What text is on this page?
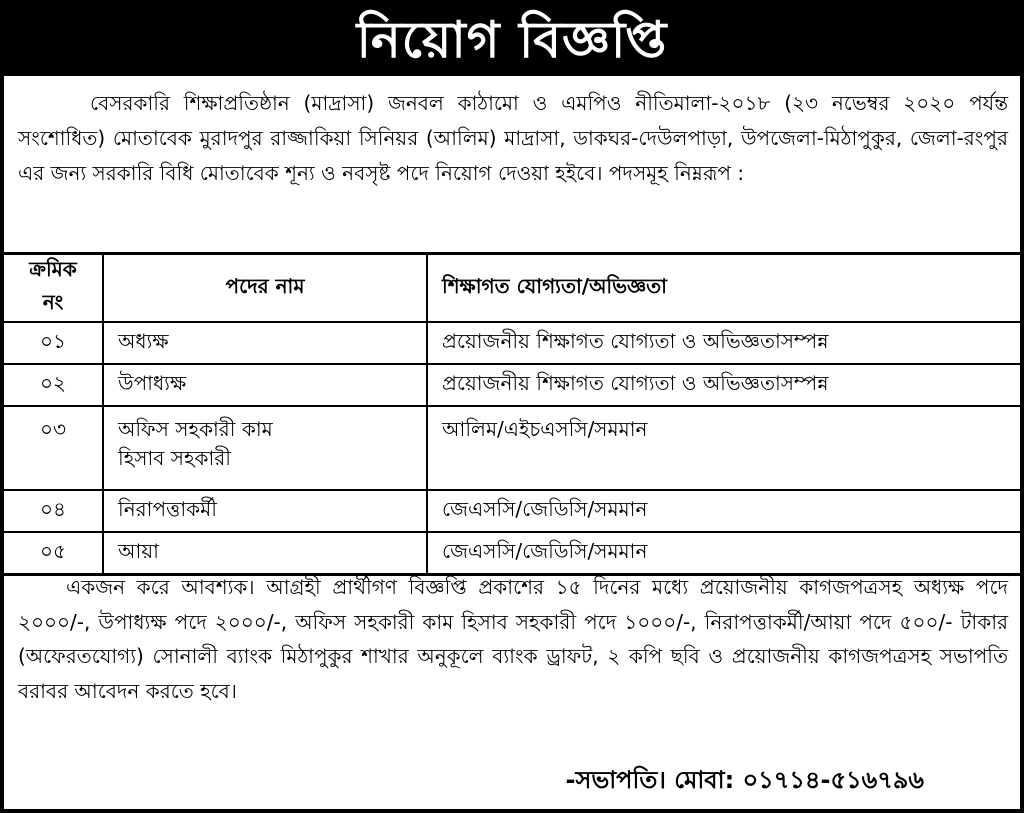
নিয়োগ বিজ্ঞপ্তি

বেসরকারি শিক্ষাপ্রতিষ্ঠান (মাদ্রাসা) জনবল কাঠামো ও এমপিও নীতিমালা-২০১৮ (২৩ নভেম্বর ২০২০ পর্যন্ত সংশোধিত) মোতাবেক মুরাদপুর রাজ্জাকিয়া সিনিয়র (আলিম) মাদ্রাসা, ডাকঘর-দেউলপাড়া, উপজেলা-মিঠাপুকুর, জেলা-রংপুর এর জন্য সরকারি বিধি মোতাবেক শূন্য ও নবসৃষ্ট পদে নিয়োগ দেওয়া হইবে। পদসমূহ নিম্নরূপ :

ক্রমিক নং	পদের নাম	শিক্ষাগত যোগ্যতা/অভিজ্ঞতা
০১	অধ্যক্ষ	প্রয়োজনীয় শিক্ষাগত যোগ্যতা ও অভিজ্ঞতাসম্পন্ন
০২	উপাধ্যক্ষ	প্রয়োজনীয় শিক্ষাগত যোগ্যতা ও অভিজ্ঞতাসম্পন্ন
০৩	অফিস সহকারী কাম
হিসাব সহকারী	আলিম/এইচএসসি/সমমান
০৪	নিরাপত্তাকর্মী	জেএসসি/জেডিসি/সমমান
০৫	আয়া	জেএসসি/জেডিসি/সমমান

একজন করে আবশ্যক। আগ্রহী প্রার্থীগণ বিজ্ঞপ্তি প্রকাশের ১৫ দিনের মধ্যে প্রয়োজনীয় কাগজপত্রসহ অধ্যক্ষ পদে ২০০০/-, উপাধ্যক্ষ পদে ২০০০/-, অফিস সহকারী কাম হিসাব সহকারী পদে ১০০০/-, নিরাপত্তাকর্মী/আয়া পদে ৫০০/- টাকার (অফেরতযোগ্য) সোনালী ব্যাংক মিঠাপুকুর শাখার অনুকূলে ব্যাংক ড্রাফট, ২ কপি ছবি ও প্রয়োজনীয় কাগজপত্রসহ সভাপতি বরাবর আবেদন করতে হবে।

-সভাপতি। মোবা: ০১৭১৪-৫১৬৭৯৬
